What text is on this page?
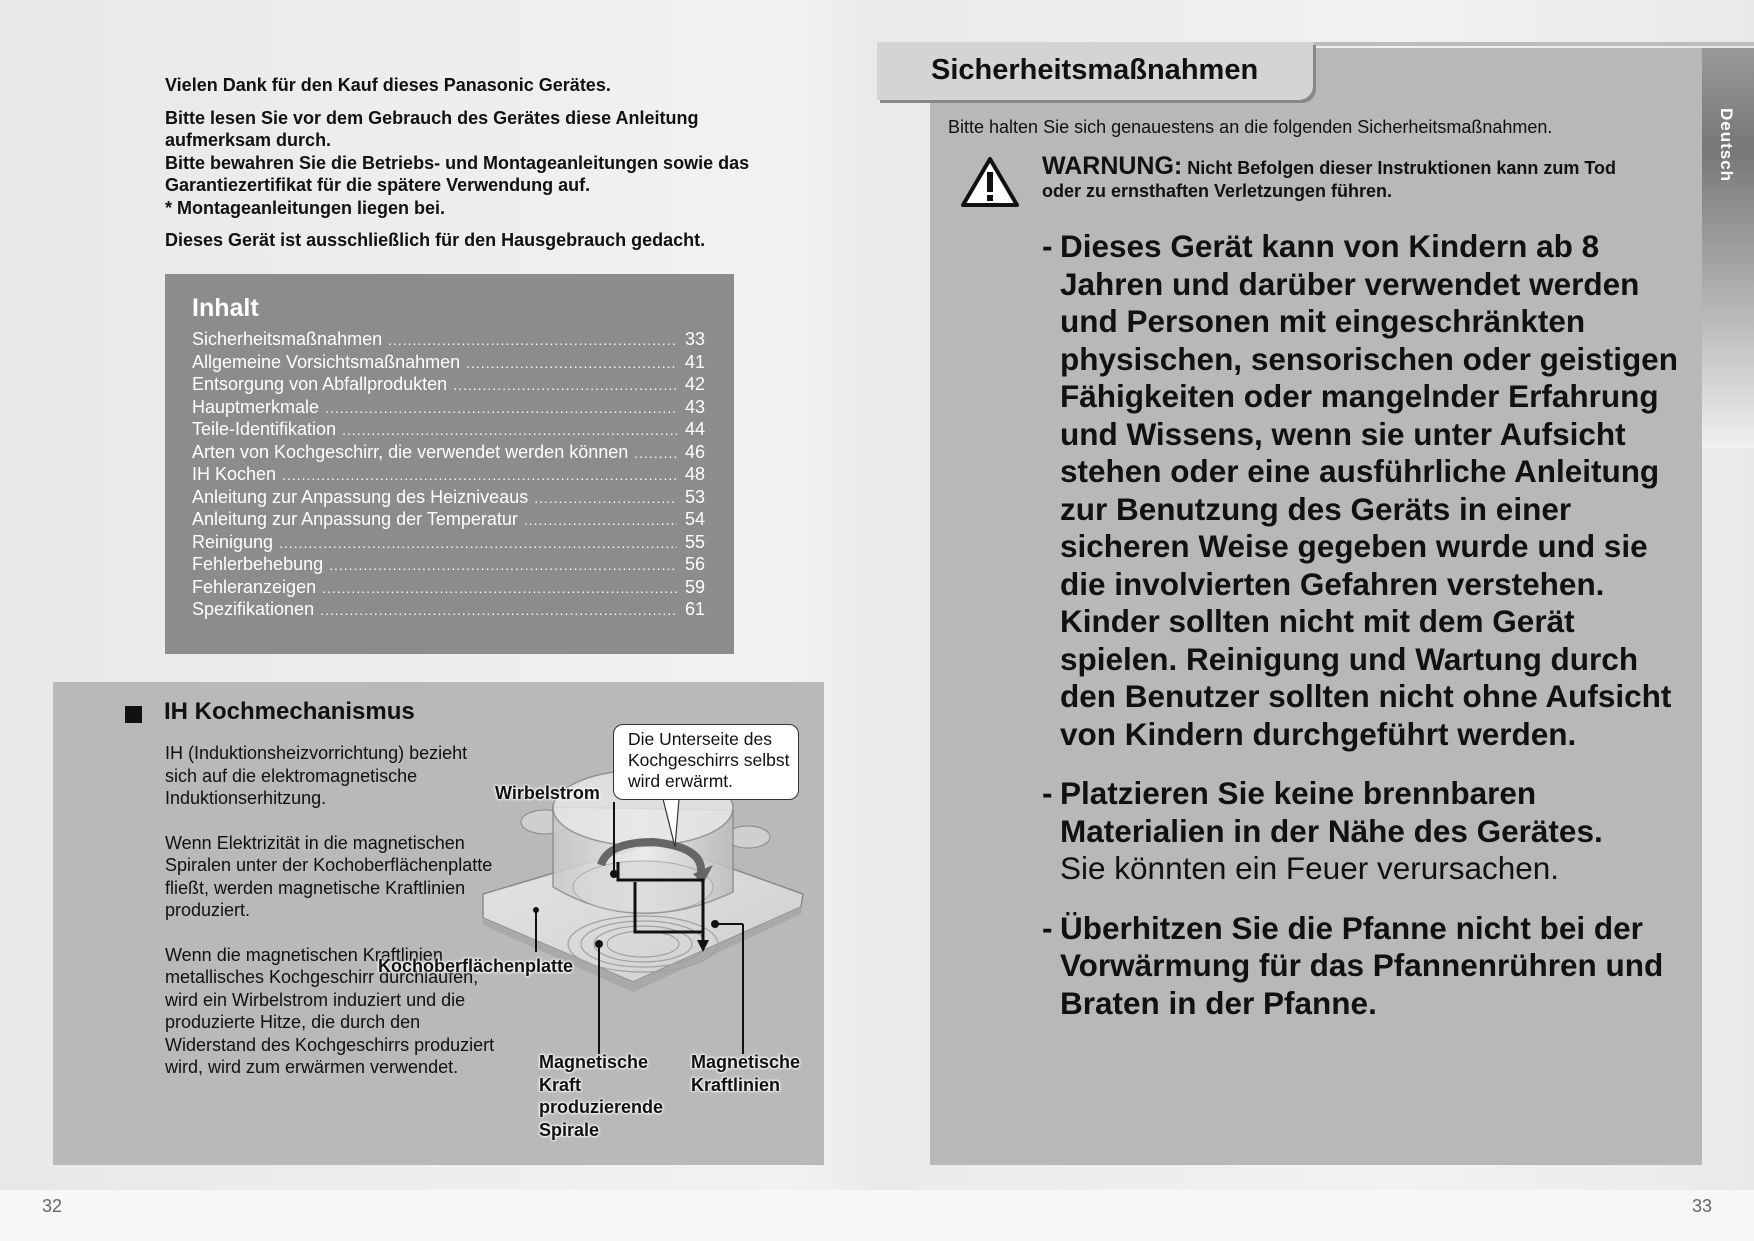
Vielen Dank für den Kauf dieses Panasonic Gerätes.

Bitte lesen Sie vor dem Gebrauch des Gerätes diese Anleitung aufmerksam durch.
Bitte bewahren Sie die Betriebs- und Montageanleitungen sowie das Garantiezertifikat für die spätere Verwendung auf.
* Montageanleitungen liegen bei.

Dieses Gerät ist ausschließlich für den Hausgebrauch gedacht.

Inhalt
Sicherheitsmaßnahmen .....	33
Allgemeine Vorsichtsmaßnahmen .....	41
Entsorgung von Abfallprodukten .....	42
Hauptmerkmale .....	43
Teile-Identifikation .....	44
Arten von Kochgeschirr, die verwendet werden können .....	46
IH Kochen .....	48
Anleitung zur Anpassung des Heizniveaus .....	53
Anleitung zur Anpassung der Temperatur .....	54
Reinigung .....	55
Fehlerbehebung .....	56
Fehleranzeigen .....	59
Spezifikationen .....	61
IH Kochmechanismus

IH (Induktionsheizvorrichtung) bezieht sich auf die elektromagnetische Induktionserhitzung.

Wenn Elektrizität in die magnetischen Spiralen unter der Kochoberflächenplatte fließt, werden magnetische Kraftlinien produziert.

Wenn die magnetischen Kraftlinien metallisches Kochgeschirr durchlaufen, wird ein Wirbelstrom induziert und die produzierte Hitze, die durch den Widerstand des Kochgeschirrs produziert wird, wird zum erwärmen verwendet.

Die Unterseite des Kochgeschirrs selbst wird erwärmt.
Wirbelstrom
Kochoberflächenplatte
Magnetische Kraft produzierende Spirale
Magnetische Kraftlinien
32
Sicherheitsmaßnahmen
Deutsch
Bitte halten Sie sich genauestens an die folgenden Sicherheitsmaßnahmen.
WARNUNG: Nicht Befolgen dieser Instruktionen kann zum Tod oder zu ernsthaften Verletzungen führen.
- Dieses Gerät kann von Kindern ab 8 Jahren und darüber verwendet werden und Personen mit eingeschränkten physischen, sensorischen oder geistigen Fähigkeiten oder mangelnder Erfahrung und Wissens, wenn sie unter Aufsicht stehen oder eine ausführliche Anleitung zur Benutzung des Geräts in einer sicheren Weise gegeben wurde und sie die involvierten Gefahren verstehen. Kinder sollten nicht mit dem Gerät spielen. Reinigung und Wartung durch den Benutzer sollten nicht ohne Aufsicht von Kindern durchgeführt werden.
- Platzieren Sie keine brennbaren Materialien in der Nähe des Gerätes.
Sie könnten ein Feuer verursachen.
- Überhitzen Sie die Pfanne nicht bei der Vorwärmung für das Pfannenrühren und Braten in der Pfanne.
33
